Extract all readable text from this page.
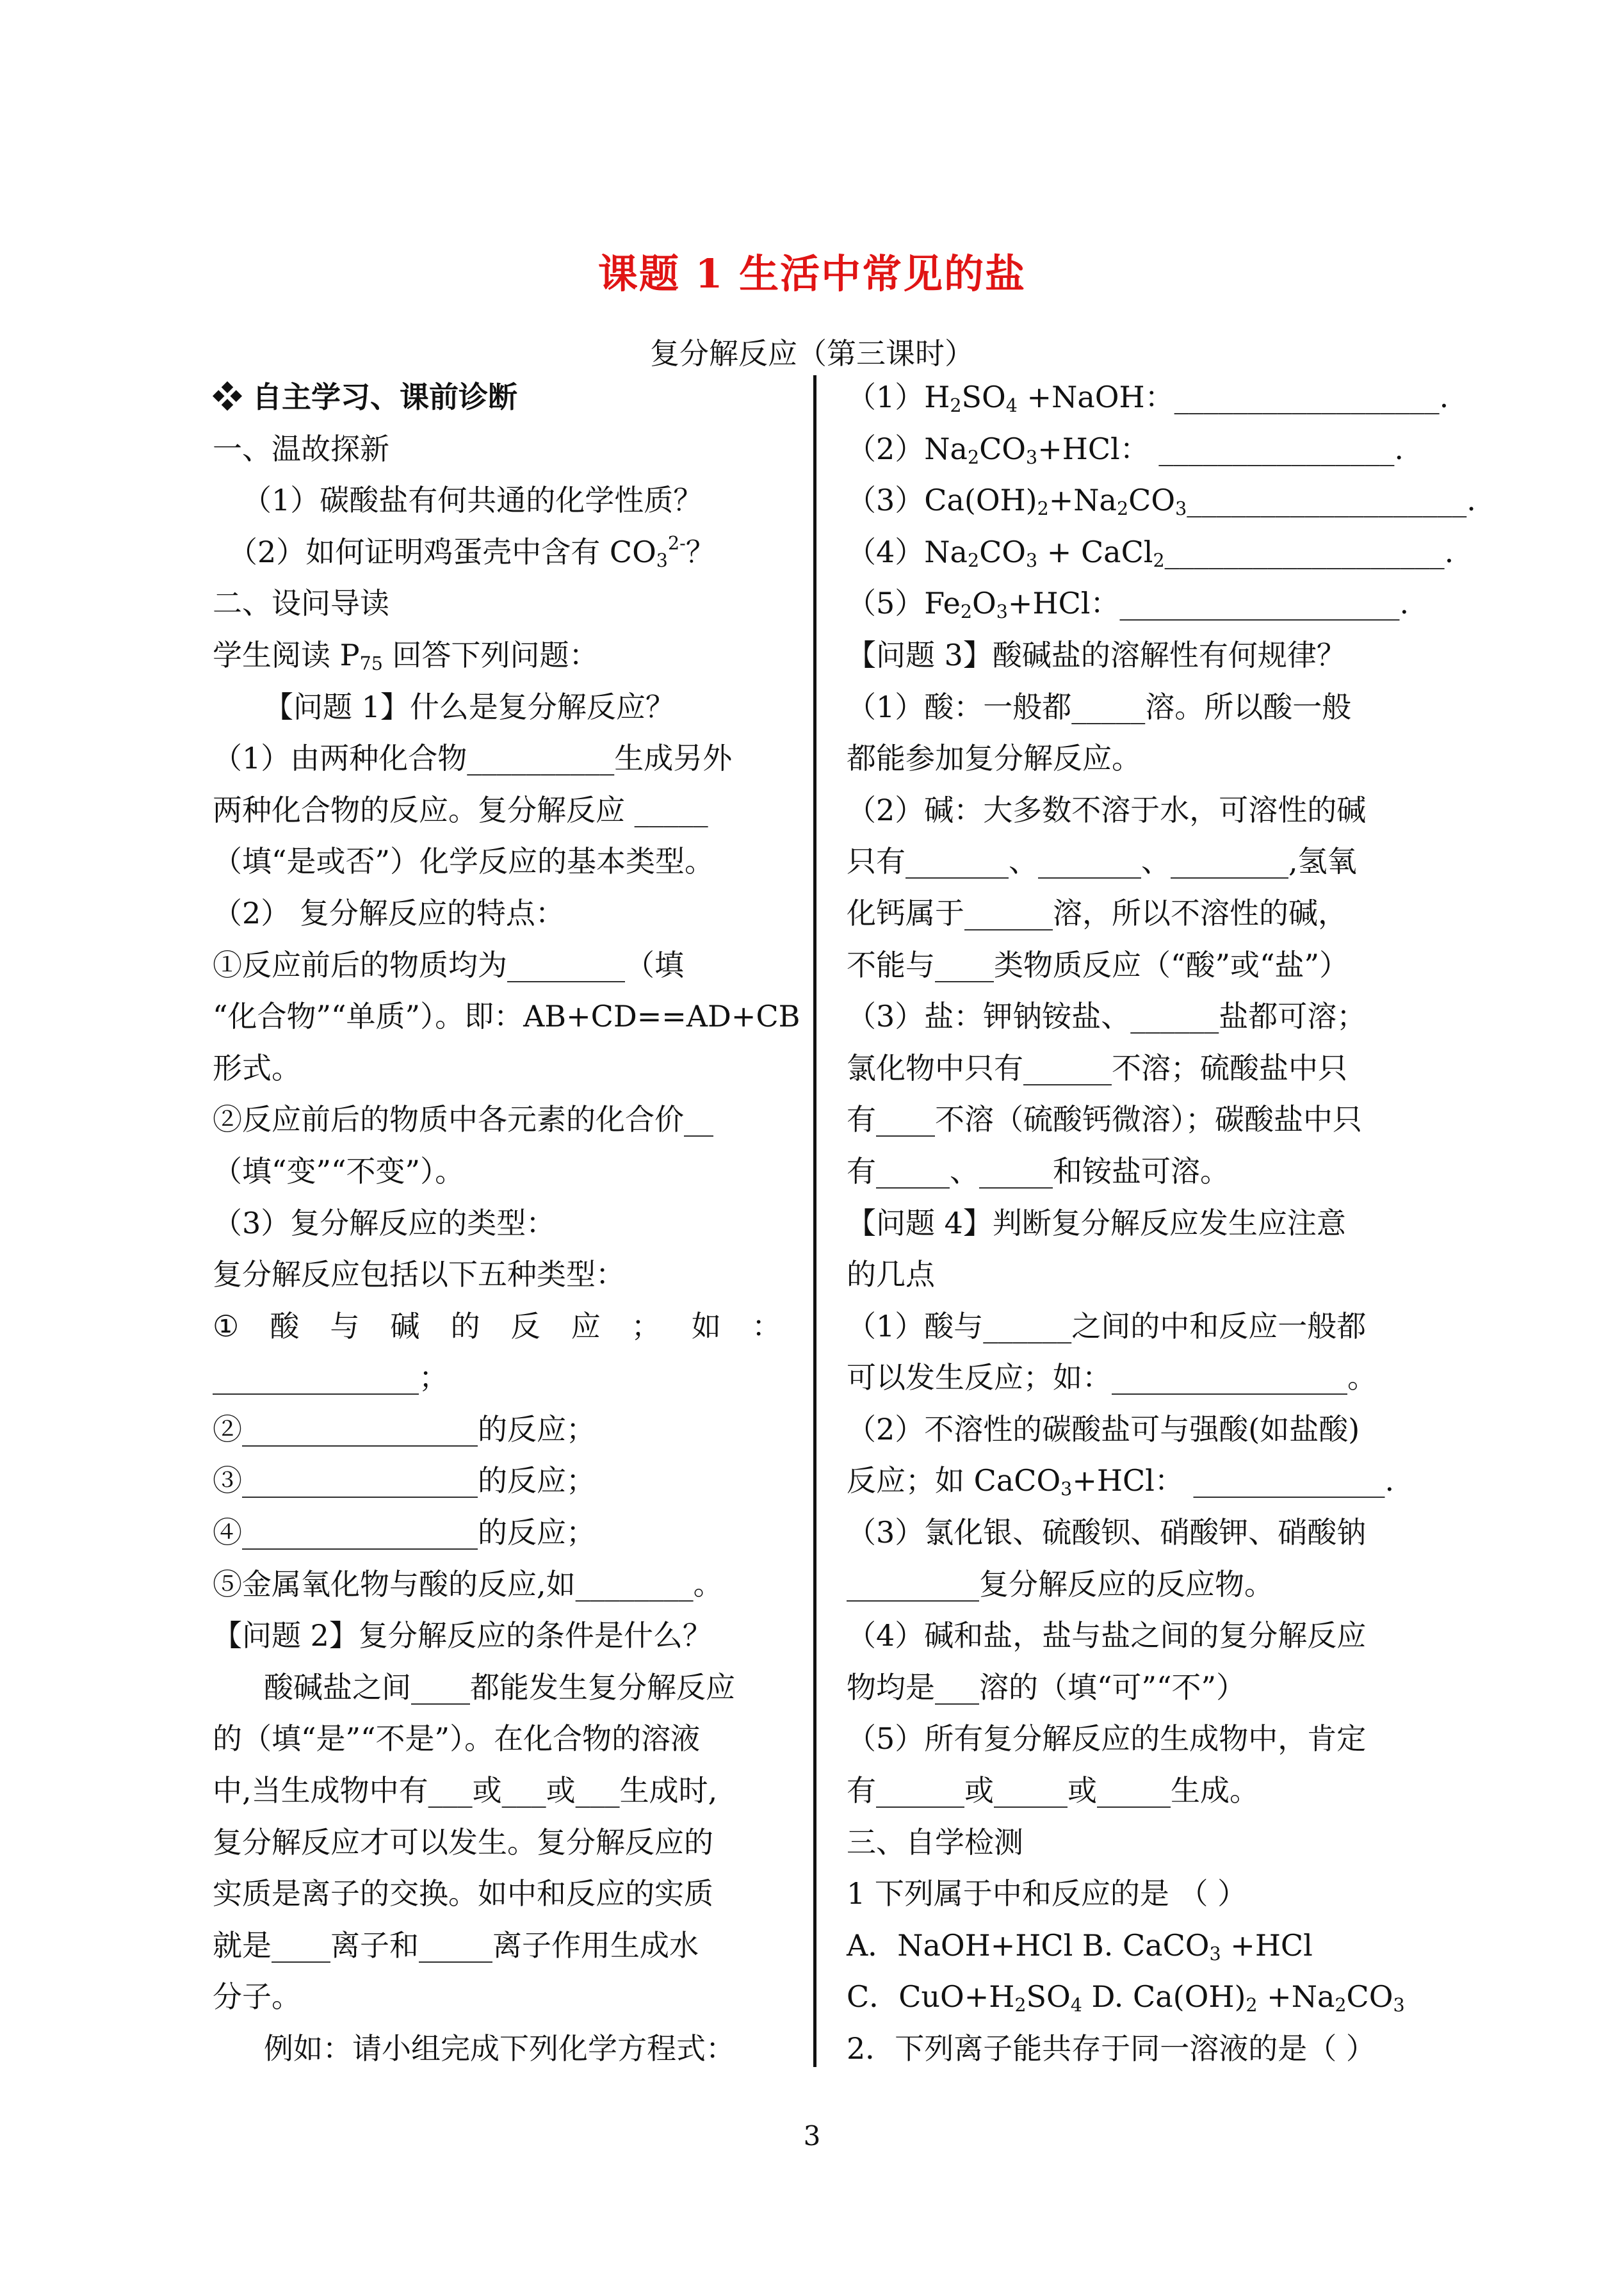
课题 1 生活中常见的盐
复分解反应（第三课时）
❖ 自主学习、课前诊断
一、温故探新
（1）碳酸盐有何共通的化学性质？
（2）如何证明鸡蛋壳中含有 $CO_3^{2-}$？
二、设问导读
学生阅读 $P_{75}$ 回答下列问题：
【问题 1】什么是复分解反应？
（1）由两种化合物__________生成另外
两种化合物的反应。复分解反应 _____
（填“是或否”）化学反应的基本类型。
（2） 复分解反应的特点：
①反应前后的物质均为________（填
“化合物”“单质”）。即：AB+CD==AD+CB
形式。
②反应前后的物质中各元素的化合价__
（填“变”“不变”）。
（3）复分解反应的类型：
复分解反应包括以下五种类型：
① 酸 与 碱 的 反 应 ； 如 ：
______________；
②________________的反应；
③________________的反应；
④________________的反应；
⑤金属氧化物与酸的反应,如________。
【问题 2】复分解反应的条件是什么？
酸碱盐之间____都能发生复分解反应
的（填“是”“不是”）。在化合物的溶液
中,当生成物中有___或___或___生成时,
复分解反应才可以发生。复分解反应的
实质是离子的交换。如中和反应的实质
就是____离子和_____离子作用生成水
分子。
例如：请小组完成下列化学方程式：
$(1)H_2SO_4$ +NaOH：__________________.
$(2)Na_2CO_3+HCl$： ________________.
$(3)Ca(OH)_2+Na_2CO_3\_\_\_\_\_\_\_\_\_\_\_\_\_\_\_\_\_\_\_$.
$(4)Na_2CO_3$ + CaCl$_2$___________________.
$(5)Fe_2O_3+HCl$：___________________.
【问题 3】酸碱盐的溶解性有何规律？
（1）酸：一般都_____溶。所以酸一般
都能参加复分解反应。
（2）碱：大多数不溶于水，可溶性的碱
只有_______、_______、________,氢氧
化钙属于______溶，所以不溶性的碱，
不能与____类物质反应（“酸”或“盐”）
（3）盐：钾钠铵盐、______盐都可溶；
氯化物中只有______不溶；硫酸盐中只
有____不溶（硫酸钙微溶）；碳酸盐中只
有_____、_____和铵盐可溶。
【问题 4】判断复分解反应发生应注意
的几点
（1）酸与______之间的中和反应一般都
可以发生反应；如：________________。
（2）不溶性的碳酸盐可与强酸(如盐酸)
反应；如 CaCO$_3$+HCl： _____________.
（3）氯化银、硫酸钡、硝酸钾、硝酸钠
_________复分解反应的反应物。
（4）碱和盐，盐与盐之间的复分解反应
物均是___溶的（填“可”“不”）
（5）所有复分解反应的生成物中，肯定
有______或_____或_____生成。
三、自学检测
1 下列属于中和反应的是 （ ）
A．NaOH+HCl B. CaCO$_3$ +HCl
C．$CuO+H_2SO_4$ D. $Ca(OH)_2 +Na_2CO_3$
2．下列离子能共存于同一溶液的是（ ）
3
